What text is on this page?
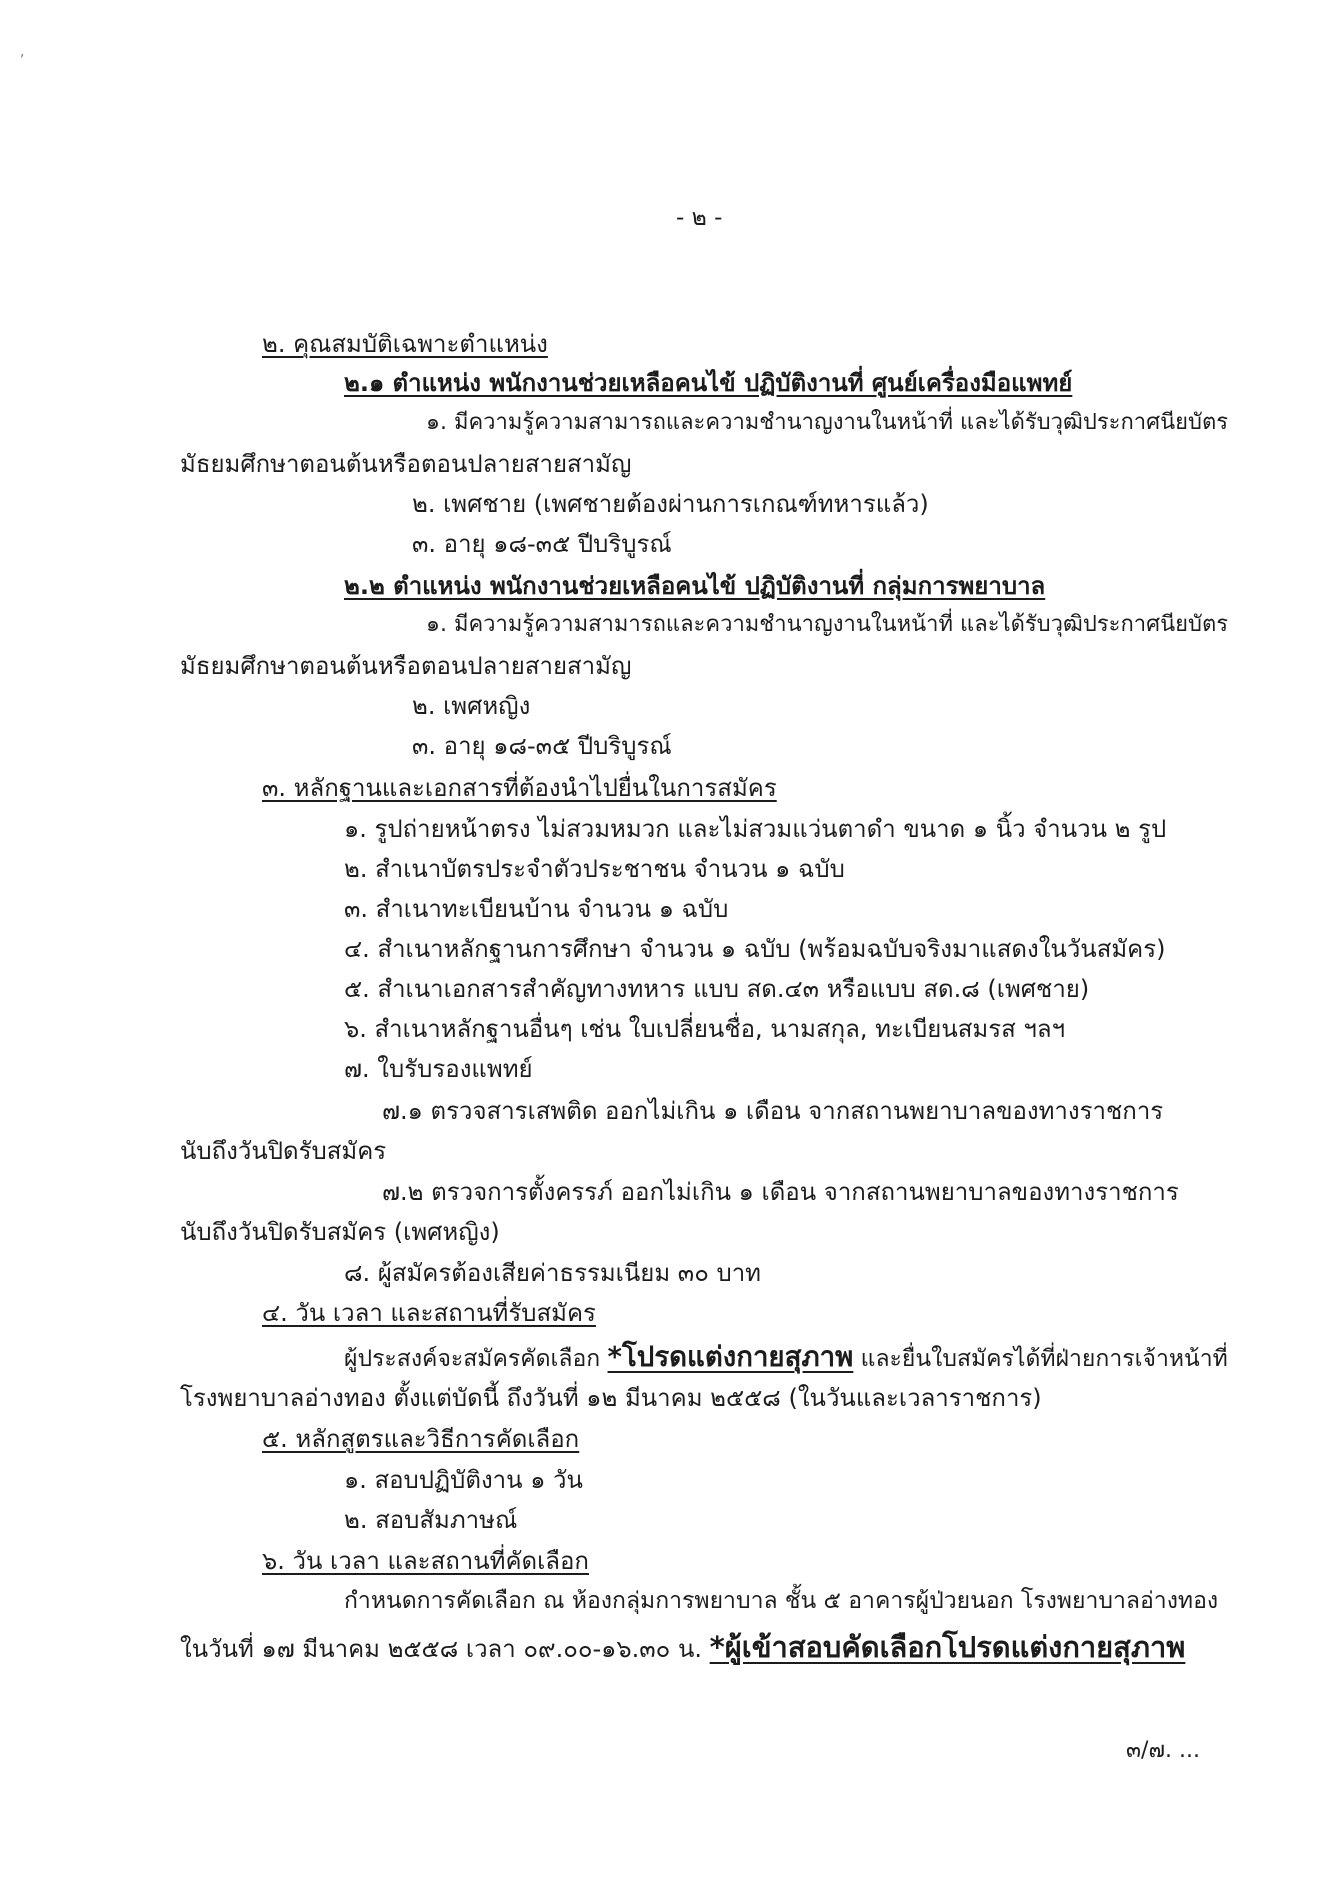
,
- ๒ -
๒. คุณสมบัติเฉพาะตำแหน่ง
๒.๑ ตำแหน่ง พนักงานช่วยเหลือคนไข้ ปฏิบัติงานที่ ศูนย์เครื่องมือแพทย์
๑. มีความรู้ความสามารถและความชำนาญงานในหน้าที่ และได้รับวุฒิประกาศนียบัตร
มัธยมศึกษาตอนต้นหรือตอนปลายสายสามัญ
๒. เพศชาย (เพศชายต้องผ่านการเกณฑ์ทหารแล้ว)
๓. อายุ ๑๘-๓๕ ปีบริบูรณ์
๒.๒ ตำแหน่ง พนักงานช่วยเหลือคนไข้ ปฏิบัติงานที่ กลุ่มการพยาบาล
๑. มีความรู้ความสามารถและความชำนาญงานในหน้าที่ และได้รับวุฒิประกาศนียบัตร
มัธยมศึกษาตอนต้นหรือตอนปลายสายสามัญ
๒. เพศหญิง
๓. อายุ ๑๘-๓๕ ปีบริบูรณ์
๓. หลักฐานและเอกสารที่ต้องนำไปยื่นในการสมัคร
๑. รูปถ่ายหน้าตรง ไม่สวมหมวก และไม่สวมแว่นตาดำ ขนาด ๑ นิ้ว จำนวน ๒ รูป
๒. สำเนาบัตรประจำตัวประชาชน จำนวน ๑ ฉบับ
๓. สำเนาทะเบียนบ้าน จำนวน ๑ ฉบับ
๔. สำเนาหลักฐานการศึกษา จำนวน ๑ ฉบับ (พร้อมฉบับจริงมาแสดงในวันสมัคร)
๕. สำเนาเอกสารสำคัญทางทหาร แบบ สด.๔๓ หรือแบบ สด.๘ (เพศชาย)
๖. สำเนาหลักฐานอื่นๆ เช่น ใบเปลี่ยนชื่อ, นามสกุล, ทะเบียนสมรส ฯลฯ
๗. ใบรับรองแพทย์
๗.๑ ตรวจสารเสพติด ออกไม่เกิน ๑ เดือน จากสถานพยาบาลของทางราชการ
นับถึงวันปิดรับสมัคร
๗.๒ ตรวจการตั้งครรภ์ ออกไม่เกิน ๑ เดือน จากสถานพยาบาลของทางราชการ
นับถึงวันปิดรับสมัคร (เพศหญิง)
๘. ผู้สมัครต้องเสียค่าธรรมเนียม ๓๐ บาท
๔. วัน เวลา และสถานที่รับสมัคร
ผู้ประสงค์จะสมัครคัดเลือก *โปรดแต่งกายสุภาพ และยื่นใบสมัครได้ที่ฝ่ายการเจ้าหน้าที่
โรงพยาบาลอ่างทอง ตั้งแต่บัดนี้ ถึงวันที่ ๑๒ มีนาคม ๒๕๕๘ (ในวันและเวลาราชการ)
๕. หลักสูตรและวิธีการคัดเลือก
๑. สอบปฏิบัติงาน ๑ วัน
๒. สอบสัมภาษณ์
๖. วัน เวลา และสถานที่คัดเลือก
กำหนดการคัดเลือก ณ ห้องกลุ่มการพยาบาล ชั้น ๕ อาคารผู้ป่วยนอก โรงพยาบาลอ่างทอง
ในวันที่ ๑๗ มีนาคม ๒๕๕๘ เวลา ๐๙.๐๐-๑๖.๓๐ น. *ผู้เข้าสอบคัดเลือกโปรดแต่งกายสุภาพ
๓/๗. ...
